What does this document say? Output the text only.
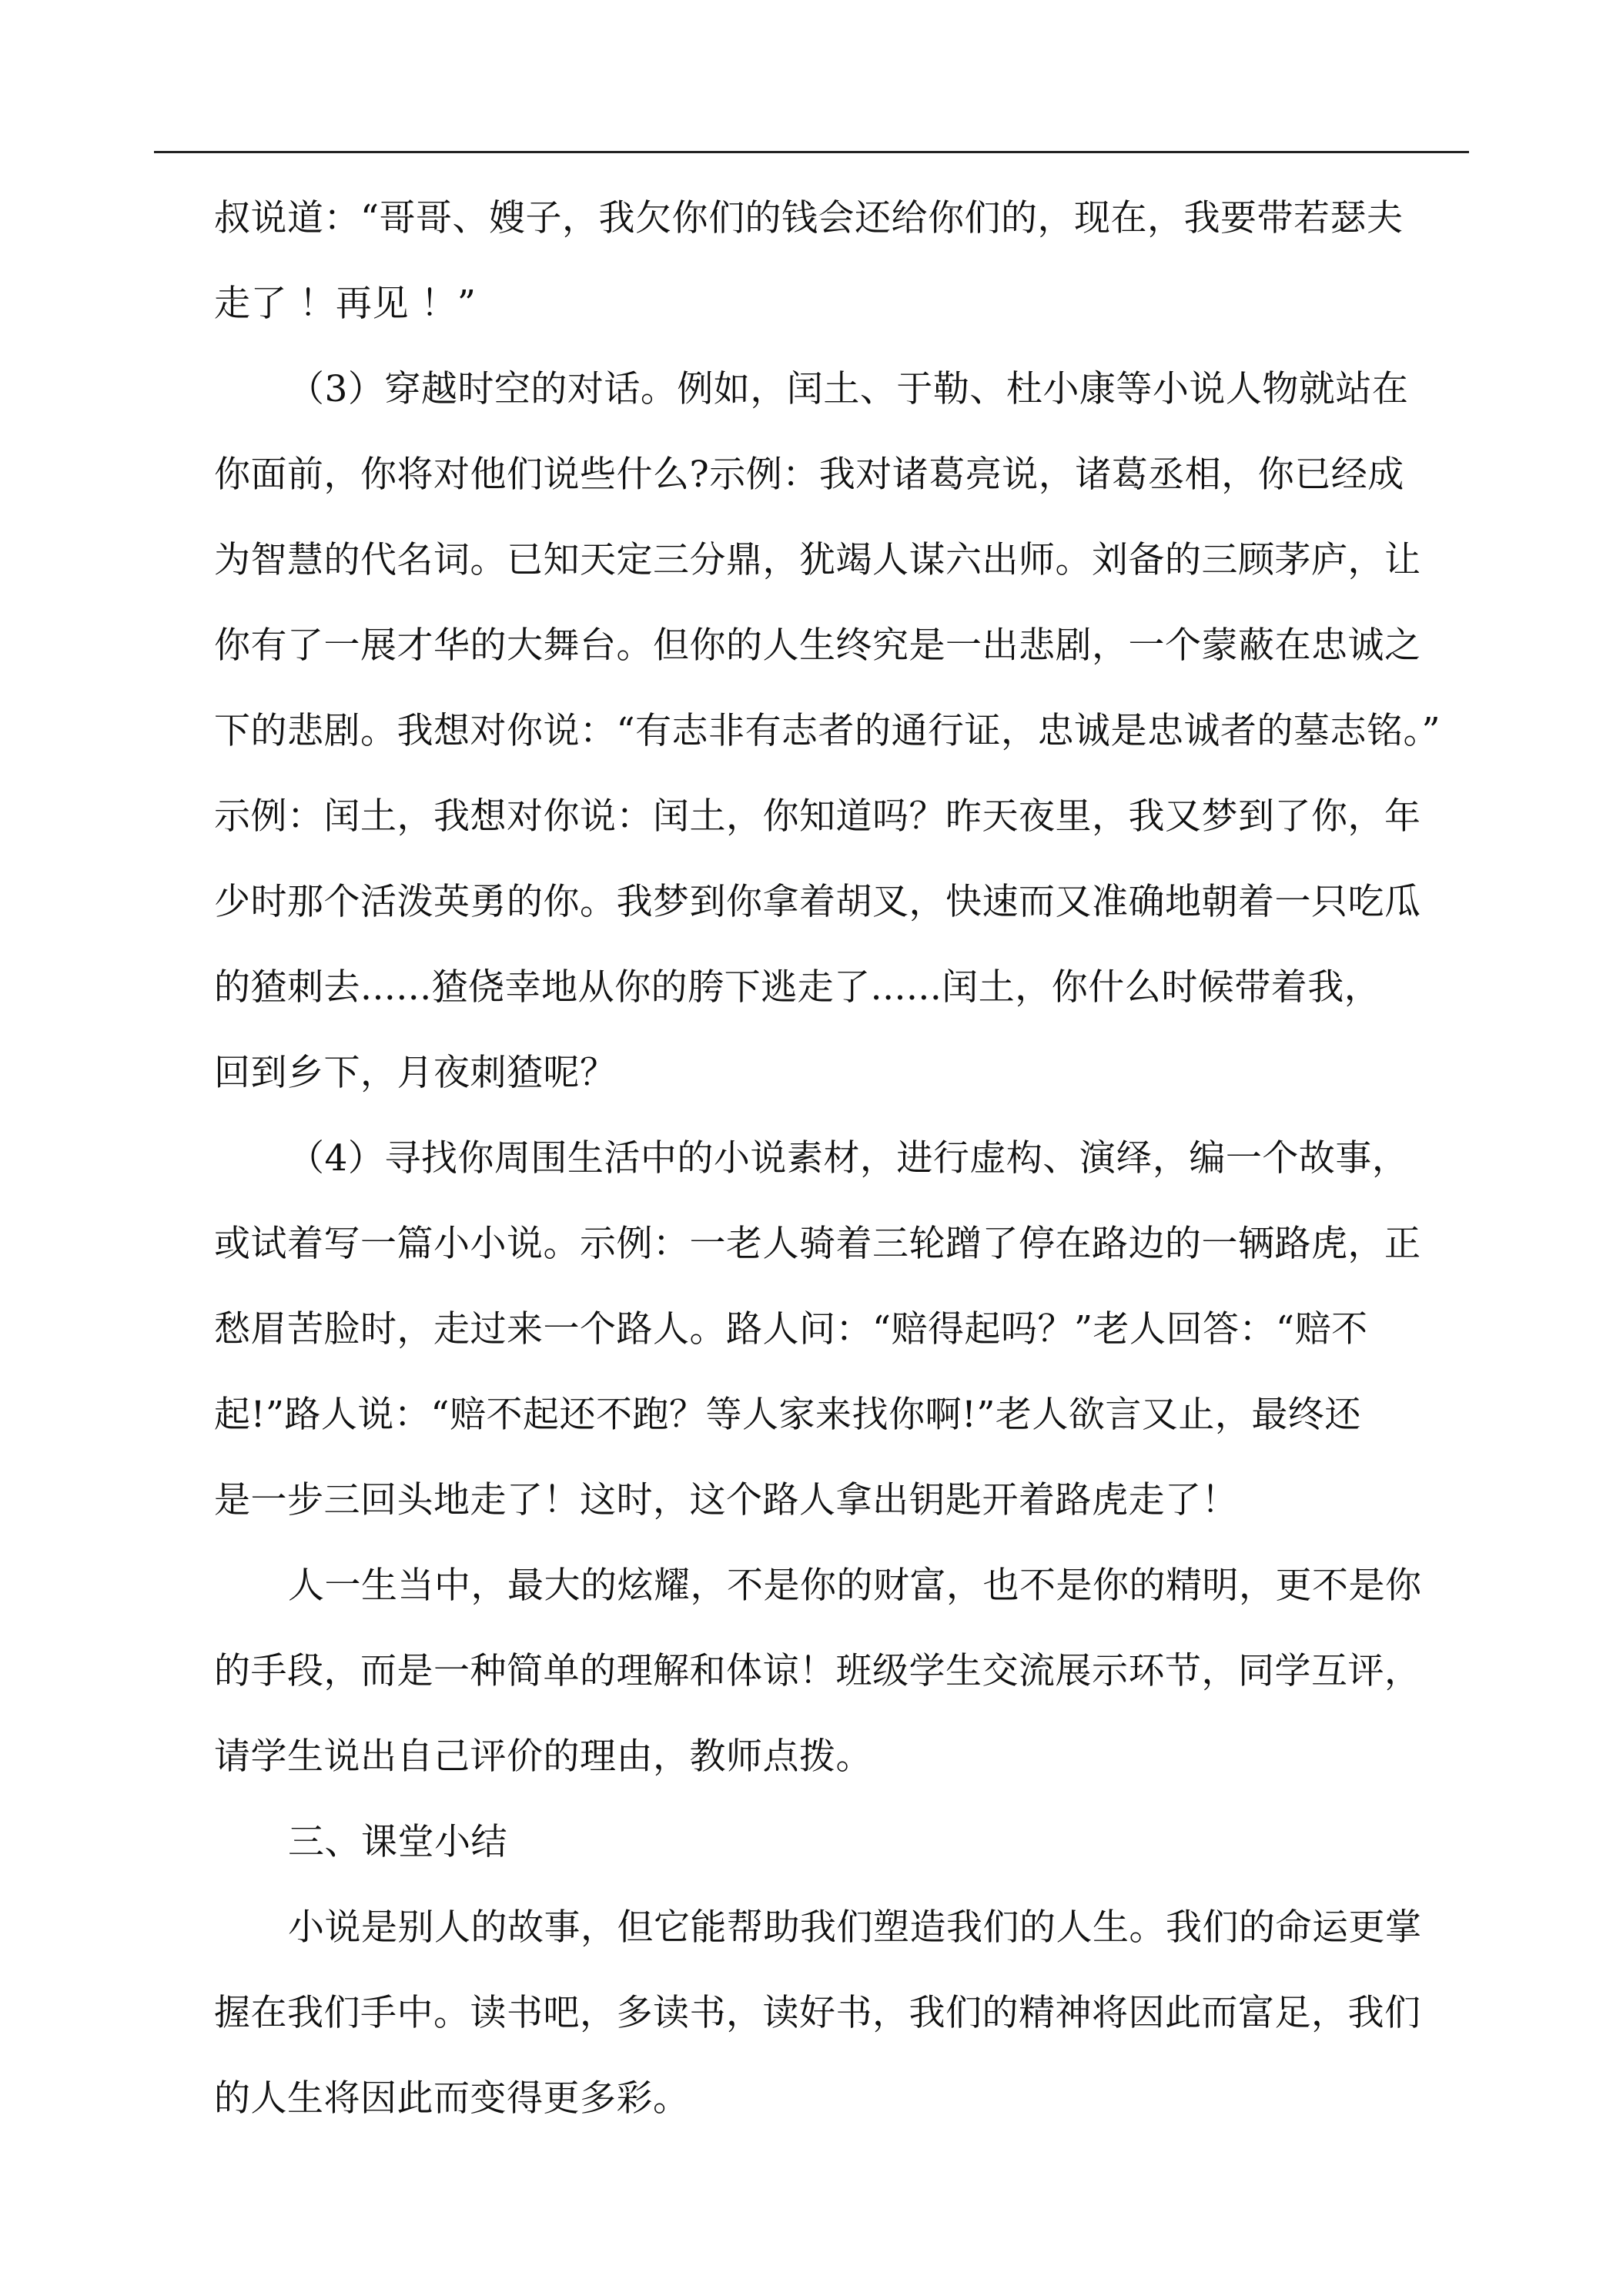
叔说道：“哥哥、嫂子，我欠你们的钱会还给你们的，现在，我要带若瑟夫
走了 ！再见 ！”
（3）穿越时空的对话。例如，闰土、于勒、杜小康等小说人物就站在
你面前，你将对他们说些什么?示例：我对诸葛亮说，诸葛丞相，你已经成
为智慧的代名词。已知天定三分鼎，犹竭人谋六出师。刘备的三顾茅庐，让
你有了一展才华的大舞台。但你的人生终究是一出悲剧，一个蒙蔽在忠诚之
下的悲剧。我想对你说：“有志非有志者的通行证，忠诚是忠诚者的墓志铭。”
示例：闰土，我想对你说：闰土，你知道吗？昨天夜里，我又梦到了你，年
少时那个活泼英勇的你。我梦到你拿着胡叉，快速而又准确地朝着一只吃瓜
的猹刺去......猹侥幸地从你的胯下逃走了......闰土，你什么时候带着我，
回到乡下，月夜刺猹呢？
（4）寻找你周围生活中的小说素材，进行虚构、演绎，编一个故事，
或试着写一篇小小说。示例：一老人骑着三轮蹭了停在路边的一辆路虎，正
愁眉苦脸时，走过来一个路人。路人问：“赔得起吗？”老人回答：“赔不
起!”路人说：“赔不起还不跑？等人家来找你啊!”老人欲言又止，最终还
是一步三回头地走了！这时，这个路人拿出钥匙开着路虎走了！
人一生当中，最大的炫耀，不是你的财富，也不是你的精明，更不是你
的手段，而是一种简单的理解和体谅！班级学生交流展示环节，同学互评，
请学生说出自己评价的理由，教师点拨。
三、课堂小结
小说是别人的故事，但它能帮助我们塑造我们的人生。我们的命运更掌
握在我们手中。读书吧，多读书，读好书，我们的精神将因此而富足，我们
的人生将因此而变得更多彩。
